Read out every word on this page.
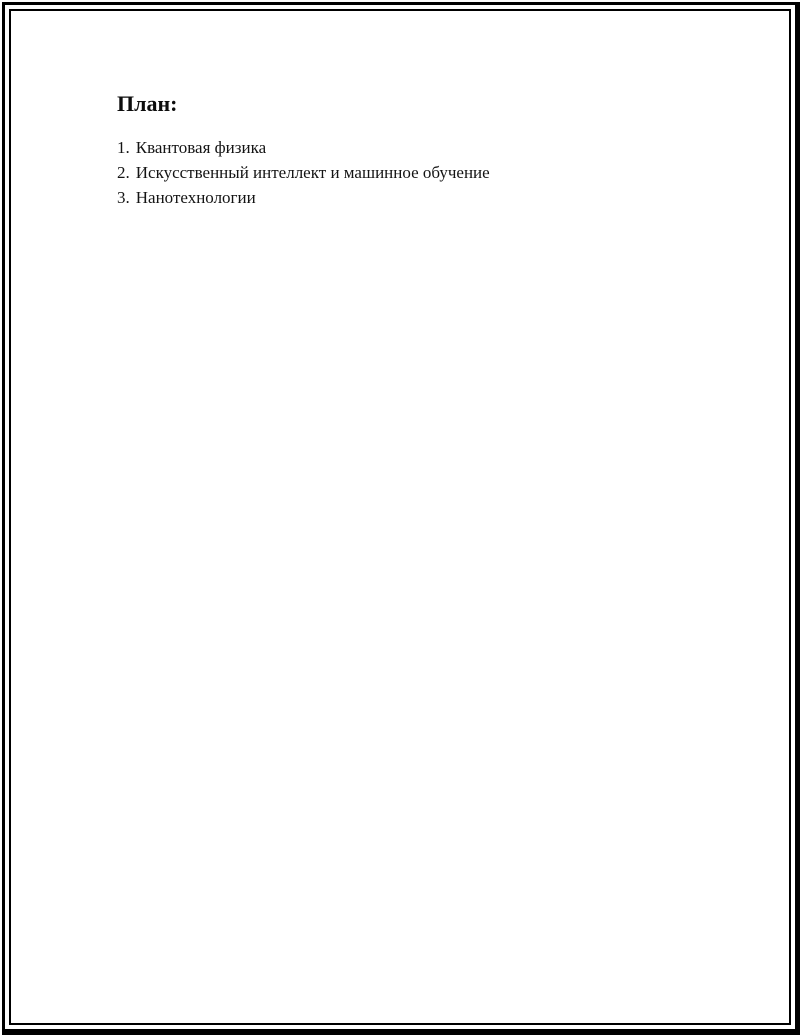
План:
1. Квантовая физика
2. Искусственный интеллект и машинное обучение
3. Нанотехнологии
